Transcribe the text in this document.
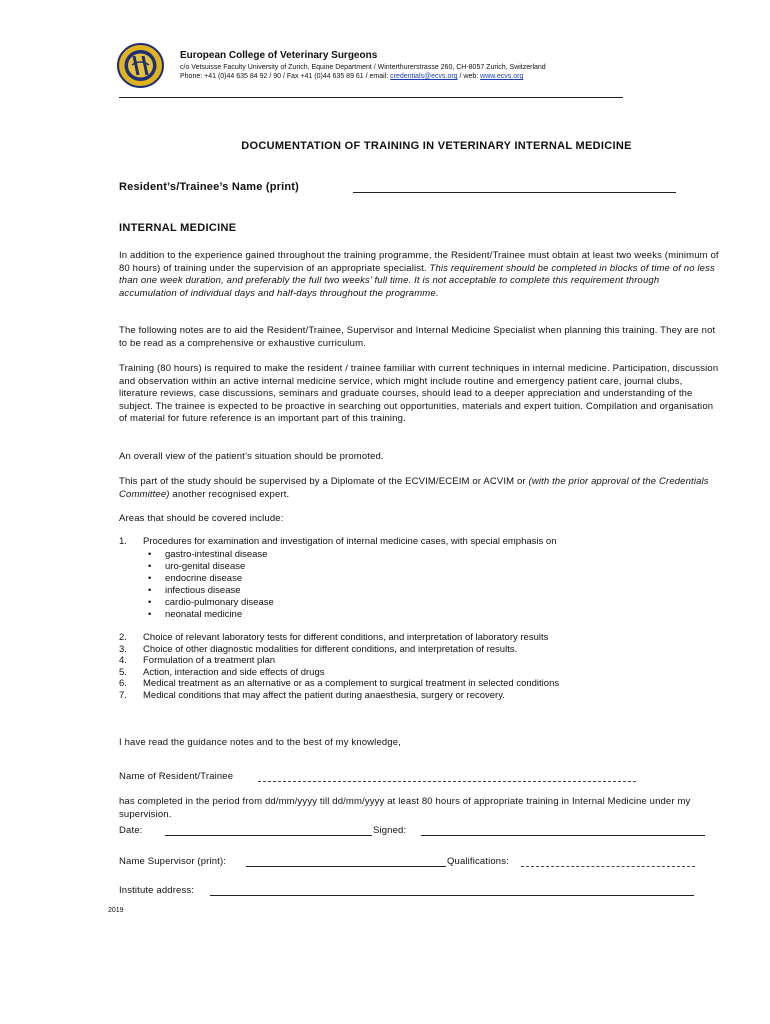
European College of Veterinary Surgeons
c/o Vetsuisse Faculty University of Zurich, Equine Department / Winterthurerstrasse 260, CH-8057 Zurich, Switzerland
Phone: +41 (0)44 635 84 92 / 90 / Fax +41 (0)44 635 89 61 / email: credentials@ecvs.org / web: www.ecvs.org
DOCUMENTATION OF TRAINING IN VETERINARY INTERNAL MEDICINE
Resident’s/Trainee’s Name (print)
INTERNAL MEDICINE

In addition to the experience gained throughout the training programme, the Resident/Trainee must obtain at least two weeks (minimum of 80 hours) of training under the supervision of an appropriate specialist. This requirement should be completed in blocks of time of no less than one week duration, and preferably the full two weeks’ full time. It is not acceptable to complete this requirement through accumulation of individual days and half-days throughout the programme.

The following notes are to aid the Resident/Trainee, Supervisor and Internal Medicine Specialist when planning this training. They are not to be read as a comprehensive or exhaustive curriculum.

Training (80 hours) is required to make the resident / trainee familiar with current techniques in internal medicine. Participation, discussion and observation within an active internal medicine service, which might include routine and emergency patient care, journal clubs, literature reviews, case discussions, seminars and graduate courses, should lead to a deeper appreciation and understanding of the subject. The trainee is expected to be proactive in searching out opportunities, materials and expert tuition. Compilation and organisation of material for future reference is an important part of this training.

An overall view of the patient’s situation should be promoted.

This part of the study should be supervised by a Diplomate of the ECVIM/ECEIM or ACVIM or (with the prior approval of the Credentials Committee) another recognised expert.

Areas that should be covered include:

1. Procedures for examination and investigation of internal medicine cases, with special emphasis on
• gastro-intestinal disease
• uro-genital disease
• endocrine disease
• infectious disease
• cardio-pulmonary disease
• neonatal medicine
2. Choice of relevant laboratory tests for different conditions, and interpretation of laboratory results
3. Choice of other diagnostic modalities for different conditions, and interpretation of results.
4. Formulation of a treatment plan
5. Action, interaction and side effects of drugs
6. Medical treatment as an alternative or as a complement to surgical treatment in selected conditions
7. Medical conditions that may affect the patient during anaesthesia, surgery or recovery.
I have read the guidance notes and to the best of my knowledge,
Name of Resident/Trainee

has completed in the period from dd/mm/yyyy till dd/mm/yyyy at least 80 hours of appropriate training in Internal Medicine under my supervision.

Date:	Signed:
Name Supervisor (print):	Qualifications:
Institute address:
2019
